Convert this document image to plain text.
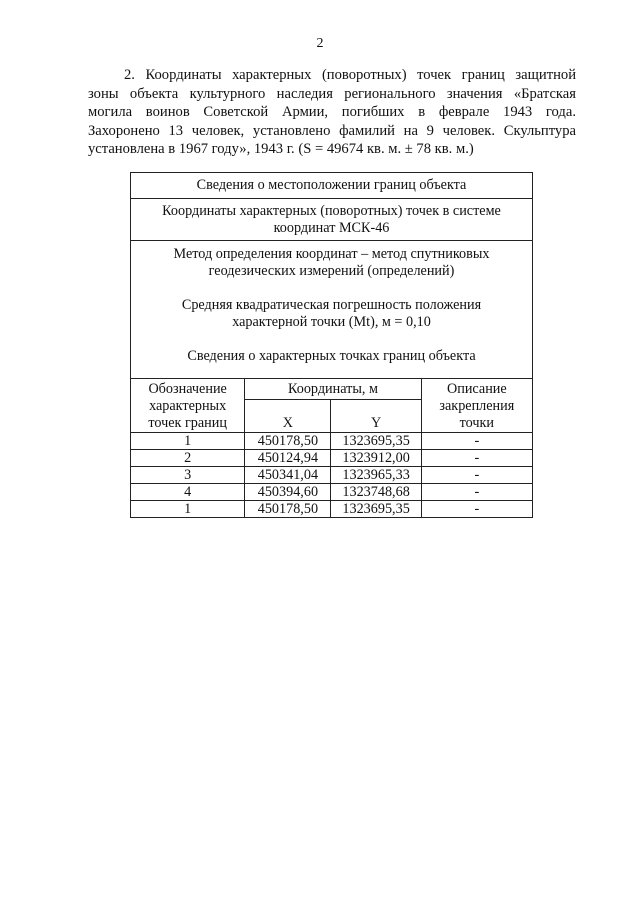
2

2. Координаты характерных (поворотных) точек границ защитной
зоны объекта культурного наследия регионального значения «Братская
могила воинов Советской Армии, погибших в феврале 1943 года.
Захоронено 13 человек, установлено фамилий на 9 человек. Скульптура
установлена в 1967 году», 1943 г. (S = 49674 кв. м. ± 78 кв. м.)

Сведения о местоположении границ объекта			

Координаты характерных (поворотных) точек в системе
координат МСК-46			

Метод определения координат – метод спутниковых
геодезических измерений (определений)
Средняя квадратическая погрешность положения
характерной точки (Mt), м = 0,10
Сведения о характерных точках границ объекта			

Обозначение
характерных
точек границ	Координаты, м		Описание
закрепления
точки

	X	Y	
1	450178,50	1323695,35	-
2	450124,94	1323912,00	-
3	450341,04	1323965,33	-
4	450394,60	1323748,68	-
1	450178,50	1323695,35	-
